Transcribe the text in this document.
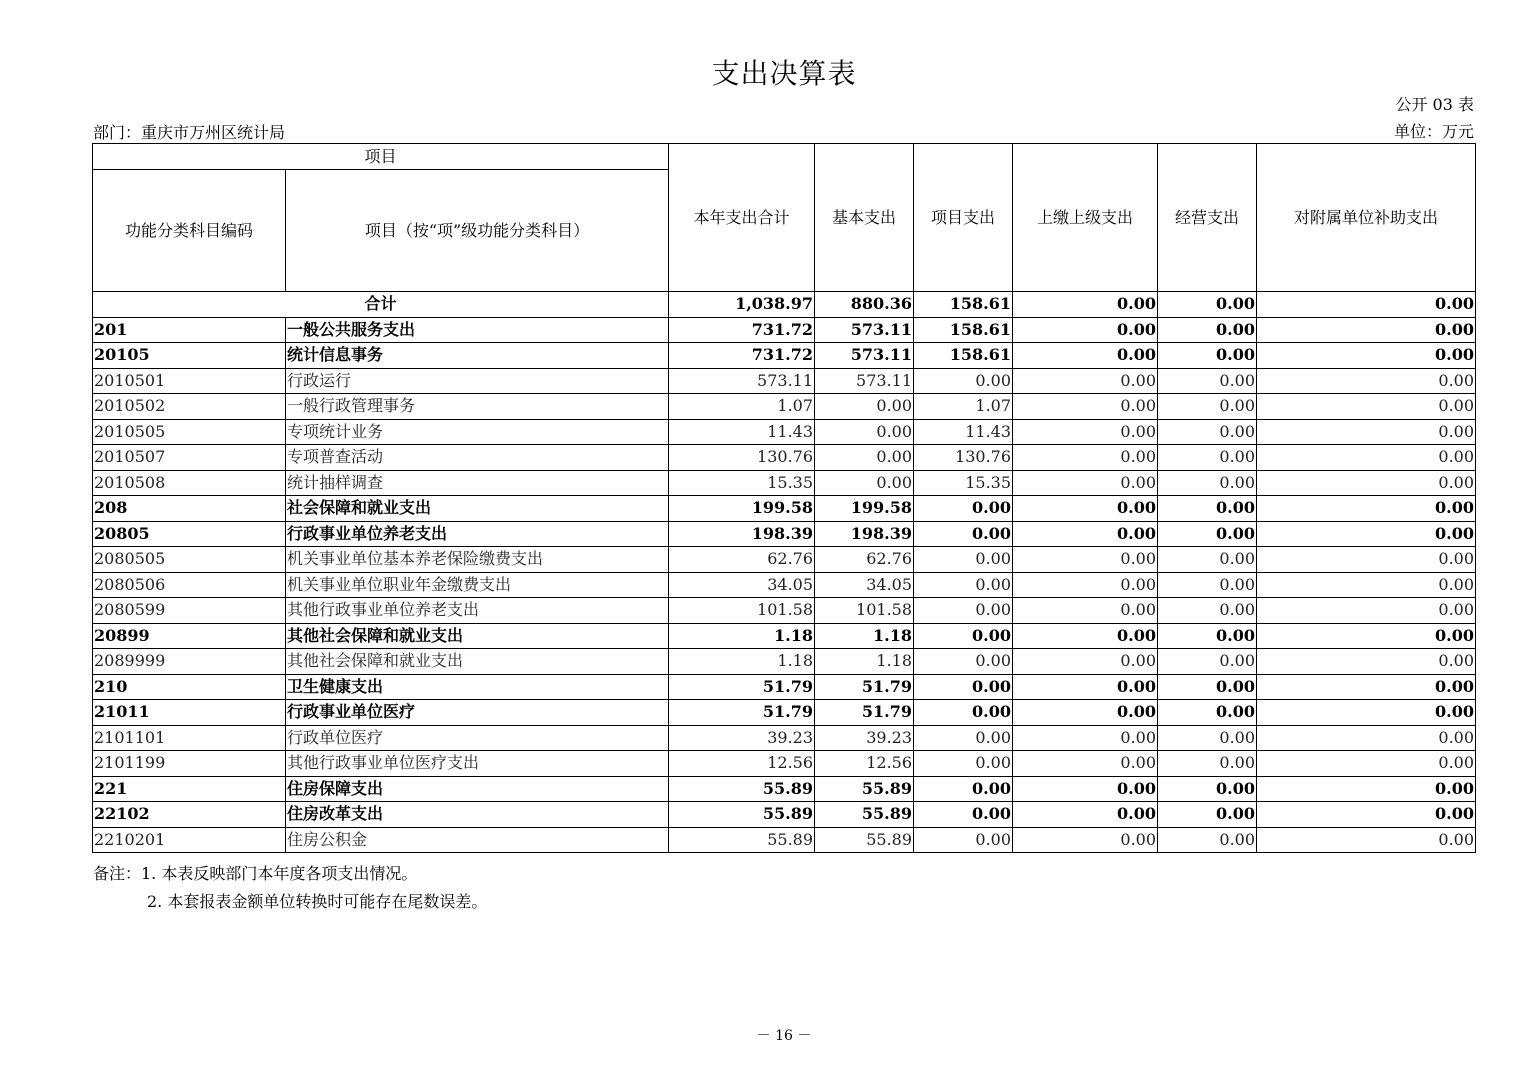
支出决算表
公开 03 表
部门：重庆市万州区统计局	单位：万元
项目		本年支出合计	基本支出	项目支出	上缴上级支出	经营支出	对附属单位补助支出
功能分类科目编码	项目（按“项”级功能分类科目）						
合计		1,038.97	880.36	158.61	0.00	0.00	0.00
201	一般公共服务支出	731.72	573.11	158.61	0.00	0.00	0.00
20105	统计信息事务	731.72	573.11	158.61	0.00	0.00	0.00
2010501	行政运行	573.11	573.11	0.00	0.00	0.00	0.00
2010502	一般行政管理事务	1.07	0.00	1.07	0.00	0.00	0.00
2010505	专项统计业务	11.43	0.00	11.43	0.00	0.00	0.00
2010507	专项普查活动	130.76	0.00	130.76	0.00	0.00	0.00
2010508	统计抽样调查	15.35	0.00	15.35	0.00	0.00	0.00
208	社会保障和就业支出	199.58	199.58	0.00	0.00	0.00	0.00
20805	行政事业单位养老支出	198.39	198.39	0.00	0.00	0.00	0.00
2080505	机关事业单位基本养老保险缴费支出	62.76	62.76	0.00	0.00	0.00	0.00
2080506	机关事业单位职业年金缴费支出	34.05	34.05	0.00	0.00	0.00	0.00
2080599	其他行政事业单位养老支出	101.58	101.58	0.00	0.00	0.00	0.00
20899	其他社会保障和就业支出	1.18	1.18	0.00	0.00	0.00	0.00
2089999	其他社会保障和就业支出	1.18	1.18	0.00	0.00	0.00	0.00
210	卫生健康支出	51.79	51.79	0.00	0.00	0.00	0.00
21011	行政事业单位医疗	51.79	51.79	0.00	0.00	0.00	0.00
2101101	行政单位医疗	39.23	39.23	0.00	0.00	0.00	0.00
2101199	其他行政事业单位医疗支出	12.56	12.56	0.00	0.00	0.00	0.00
221	住房保障支出	55.89	55.89	0.00	0.00	0.00	0.00
22102	住房改革支出	55.89	55.89	0.00	0.00	0.00	0.00
2210201	住房公积金	55.89	55.89	0.00	0.00	0.00	0.00
备注：1. 本表反映部门本年度各项支出情况。
2. 本套报表金额单位转换时可能存在尾数误差。
－ 16 －
